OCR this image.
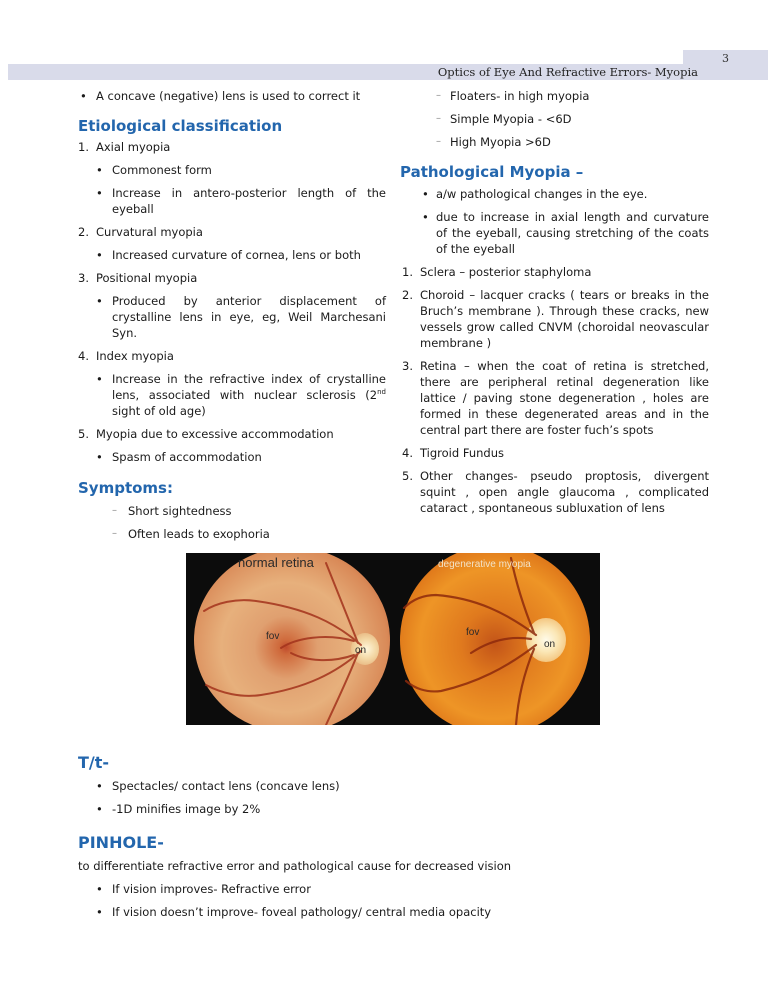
3
Optics of Eye And Refractive Errors- Myopia

• A concave (negative) lens is used to correct it

Etiological classification

1. Axial myopia

• Commonest form

• Increase in antero-posterior length of the eyeball

2. Curvatural myopia

• Increased curvature of cornea, lens or both

3. Positional myopia

• Produced by anterior displacement of crystalline lens in eye, eg, Weil Marchesani Syn.

4. Index myopia

• Increase in the refractive index of crystalline lens, associated with nuclear sclerosis (2nd sight of old age)

5. Myopia due to excessive accommodation

• Spasm of accommodation

Symptoms:

– Short sightedness

– Often leads to exophoria

– Floaters- in high myopia

– Simple Myopia - <6D

– High Myopia >6D

Pathological Myopia –

• a/w pathological changes in the eye.

• due to increase in axial length and curvature of the eyeball, causing stretching of the coats of the eyeball

1. Sclera – posterior staphyloma

2. Choroid – lacquer cracks ( tears or breaks in the Bruch’s membrane ). Through these cracks, new vessels grow called CNVM (choroidal neovascular membrane )

3. Retina – when the coat of retina is stretched, there are peripheral retinal degeneration like lattice / paving stone degeneration , holes are formed in these degenerated areas and in the central part there are foster fuch’s spots

4. Tigroid Fundus

5. Other changes- pseudo proptosis, divergent squint , open angle glaucoma , complicated cataract , spontaneous subluxation of lens

normal retina	degenerative myopia
fov
on
fov
on
T/t-

• Spectacles/ contact lens (concave lens)

• -1D minifies image by 2%

PINHOLE-

to differentiate refractive error and pathological cause for decreased vision

• If vision improves- Refractive error

• If vision doesn’t improve- foveal pathology/ central media opacity
